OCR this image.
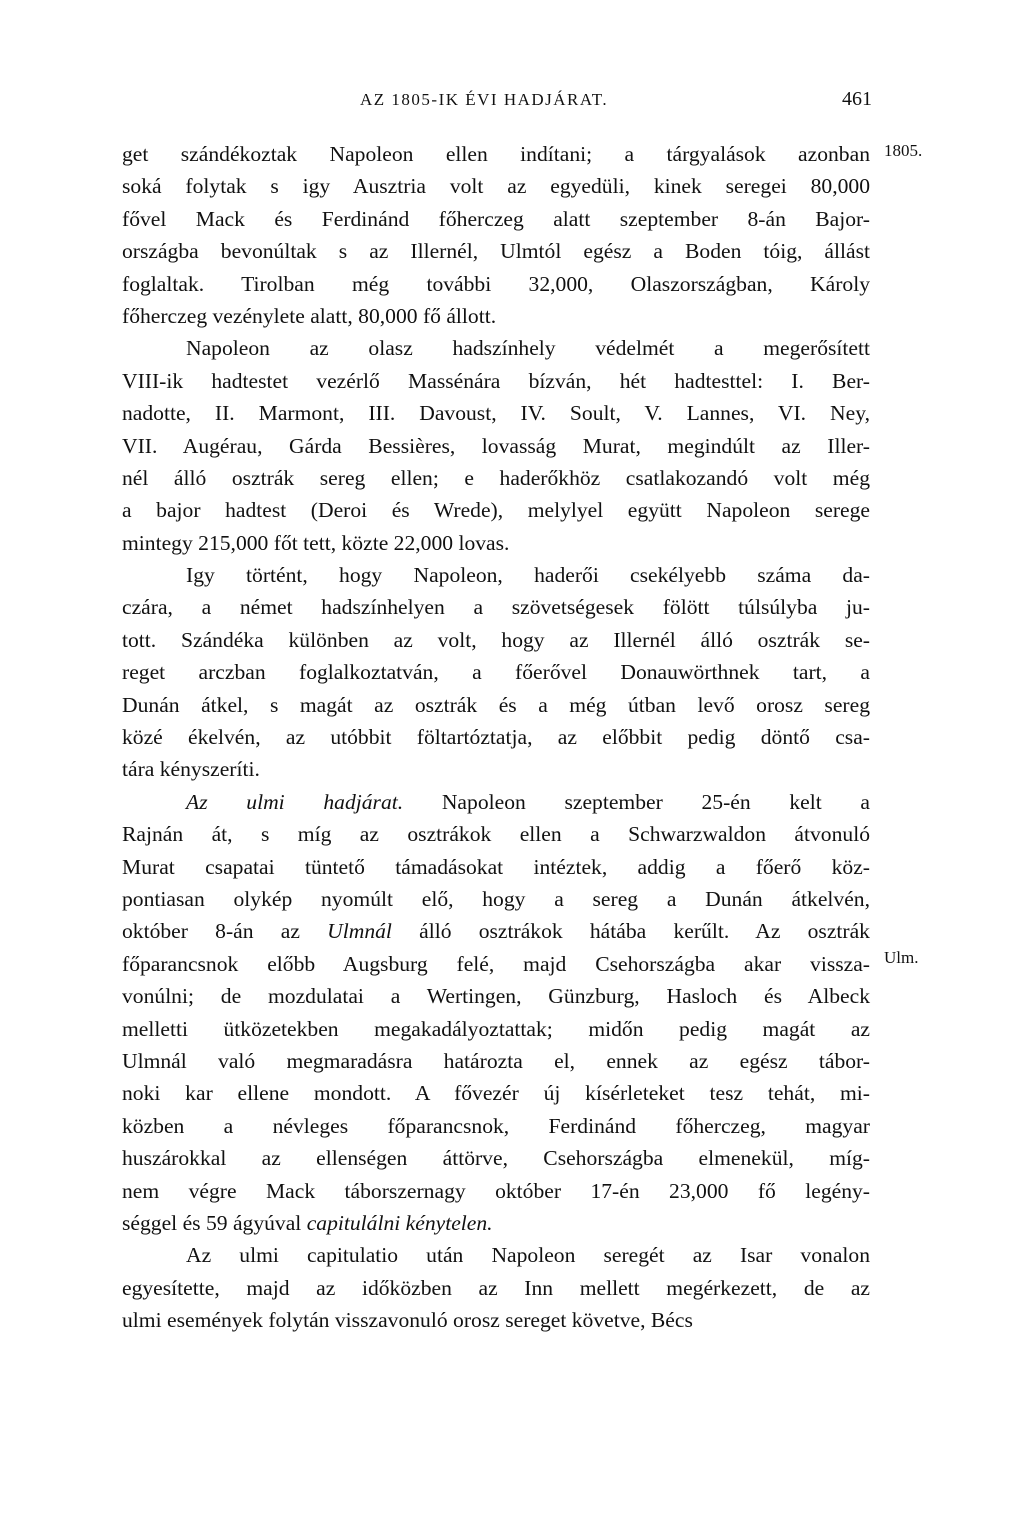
AZ 1805-IK ÉVI HADJÁRAT.	461
get szándékoztak Napoleon ellen indítani; a tárgyalások azonban
soká folytak s igy Ausztria volt az egyedüli, kinek seregei 80,000
fővel Mack és Ferdinánd főherczeg alatt szeptember 8-án Bajor-
országba bevonúltak s az Illernél, Ulmtól egész a Boden tóig, állást
foglaltak. Tirolban még további 32,000, Olaszországban, Károly
főherczeg vezénylete alatt, 80,000 fő állott.
Napoleon az olasz hadszínhely védelmét a megerősített
VIII-ik hadtestet vezérlő Massénára bízván, hét hadtesttel: I. Ber-
nadotte, II. Marmont, III. Davoust, IV. Soult, V. Lannes, VI. Ney,
VII. Augérau, Gárda Bessières, lovasság Murat, megindúlt az Iller-
nél álló osztrák sereg ellen; e haderőkhöz csatlakozandó volt még
a bajor hadtest (Deroi és Wrede), melylyel együtt Napoleon serege
mintegy 215,000 főt tett, közte 22,000 lovas.
Igy történt, hogy Napoleon, haderői csekélyebb száma da-
czára, a német hadszínhelyen a szövetségesek fölött túlsúlyba ju-
tott. Szándéka különben az volt, hogy az Illernél álló osztrák se-
reget arczban foglalkoztatván, a főerővel Donauwörthnek tart, a
Dunán átkel, s magát az osztrák és a még útban levő orosz sereg
közé ékelvén, az utóbbit föltartóztatja, az előbbit pedig döntő csa-
tára kényszeríti.
Az ulmi hadjárat. Napoleon szeptember 25-én kelt a
Rajnán át, s míg az osztrákok ellen a Schwarzwaldon átvonuló
Murat csapatai tüntető támadásokat intéztek, addig a főerő köz-
pontiasan olykép nyomúlt elő, hogy a sereg a Dunán átkelvén,
október 8-án az Ulmnál álló osztrákok hátába kerűlt. Az osztrák
főparancsnok előbb Augsburg felé, majd Csehországba akar vissza-
vonúlni; de mozdulatai a Wertingen, Günzburg, Hasloch és Albeck
melletti ütközetekben megakadályoztattak; midőn pedig magát az
Ulmnál való megmaradásra határozta el, ennek az egész tábor-
noki kar ellene mondott. A fővezér új kísérleteket tesz tehát, mi-
közben a névleges főparancsnok, Ferdinánd főherczeg, magyar
huszárokkal az ellenségen áttörve, Csehországba elmenekül, míg-
nem végre Mack táborszernagy október 17-én 23,000 fő legény-
séggel és 59 ágyúval capitulálni kénytelen.
Az ulmi capitulatio után Napoleon seregét az Isar vonalon
egyesítette, majd az időközben az Inn mellett megérkezett, de az
ulmi események folytán visszavonuló orosz sereget követve, Bécs
1805.
Ulm.
